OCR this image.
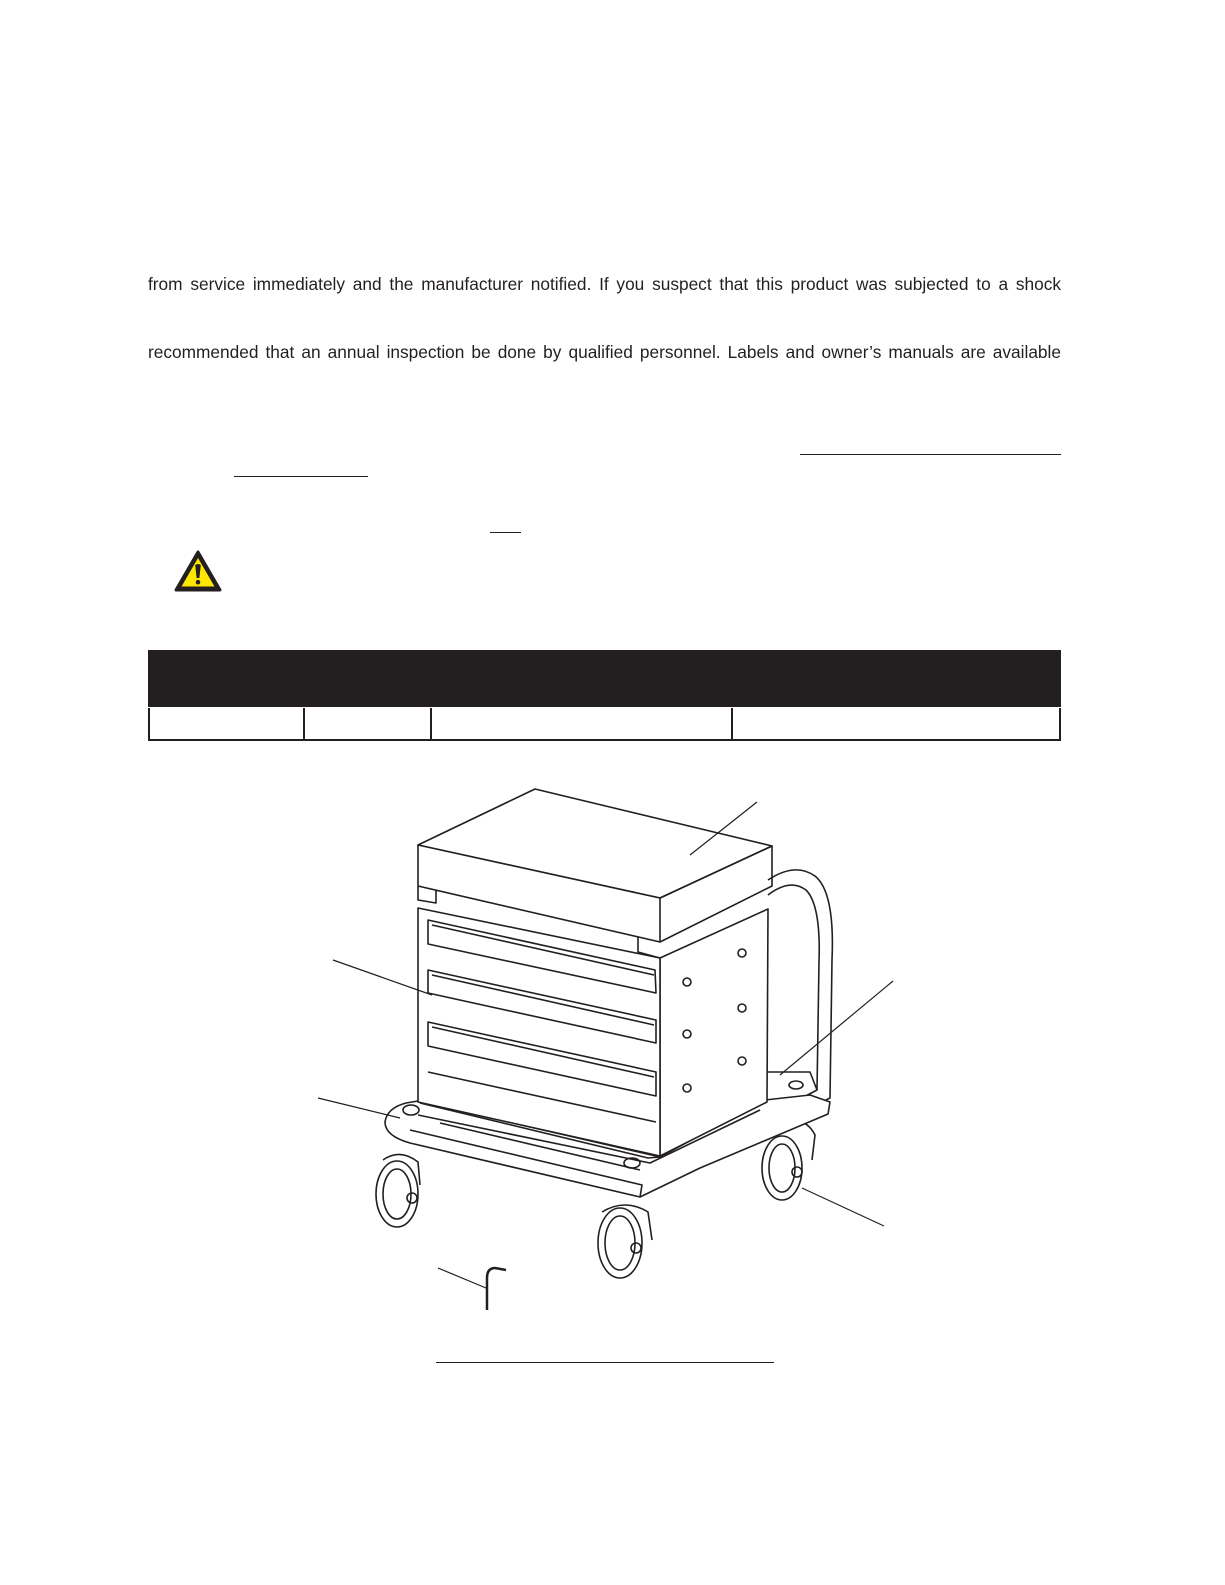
from service immediately and the manufacturer notified. If you suspect that this product was subjected to a shock
recommended that an annual inspection be done by qualified personnel. Labels and owner’s manuals are available
